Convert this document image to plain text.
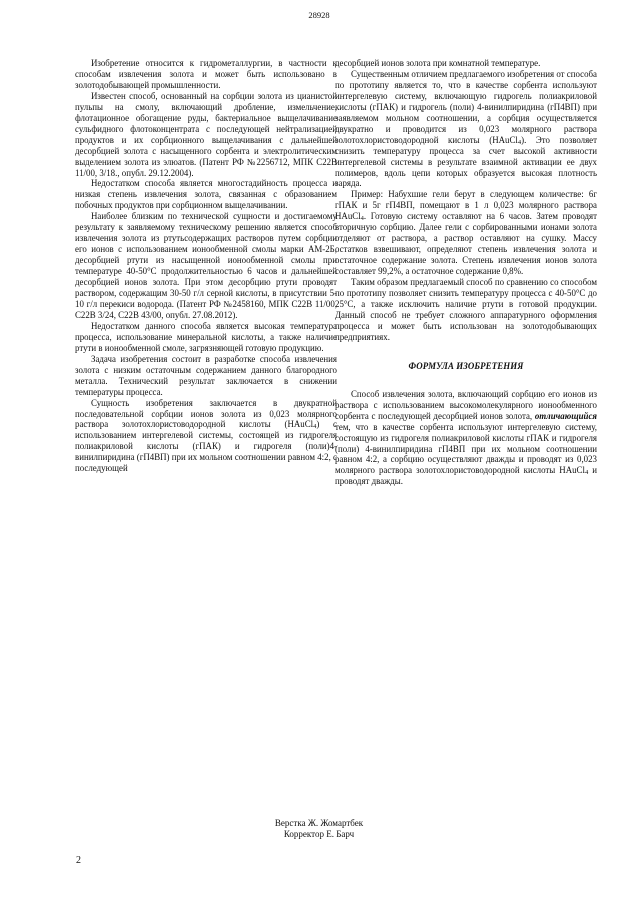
28928

Изобретение относится к гидрометаллургии, в частности к способам извлечения золота и может быть использовано в золотодобывающей промышленности.

Известен способ, основанный на сорбции золота из цианистой пульпы на смолу, включающий дробление, измельчение, флотационное обогащение руды, бактериальное выщелачивание сульфидного флотоконцентрата с последующей нейтрализацией продуктов и их сорбционного выщелачивания с дальнейшей десорбцией золота с насыщенного сорбента и электролитическим выделением золота из элюатов. (Патент РФ №2256712, МПК С22В 11/00, 3/18., опубл. 29.12.2004).

Недостатком способа является многостадийность процесса и низкая степень извлечения золота, связанная с образованием побочных продуктов при сорбционном выщелачивании.

Наиболее близким по технической сущности и достигаемому результату к заявляемому техническому решению является способ извлечения золота из ртутьсодержащих растворов путем сорбции его ионов с использованием ионообменной смолы марки АМ-2Б, десорбцией ртути из насыщенной ионообменной смолы при температуре 40-50°С продолжительностью 6 часов и дальнейшей десорбцией ионов золота. При этом десорбцию ртути проводят раствором, содержащим 30-50 г/л серной кислоты, в присутствии 5-10 г/л перекиси водорода. (Патент РФ №2458160, МПК С22В 11/00, С22В 3/24, С22В 43/00, опубл. 27.08.2012).

Недостатком данного способа является высокая температура процесса, использование минеральной кислоты, а также наличие ртути в ионообменной смоле, загрязняющей готовую продукцию.

Задача изобретения состоит в разработке способа извлечения золота с низким остаточным содержанием данного благородного металла. Технический результат заключается в снижении температуры процесса.

Сущность изобретения заключается в двукратной последовательной сорбции ионов золота из 0,023 молярного раствора золотохлористоводородной кислоты (HAuCl$_4$) с использованием интергелевой системы, состоящей из гидрогеля полиакриловой кислоты (гПАК) и гидрогеля (поли)4-винилпиридина (гП4ВП) при их мольном соотношении равном 4:2, с последующей

десорбцией ионов золота при комнатной температуре.

Существенным отличием предлагаемого изобретения от способа по прототипу является то, что в качестве сорбента используют интергелевую систему, включающую гидрогель полиакриловой кислоты (гПАК) и гидрогель (поли) 4-винилпиридина (гП4ВП) при заявляемом мольном соотношении, а сорбция осуществляется двукратно и проводится из 0,023 молярного раствора золотохлористоводородной кислоты (HAuCl$_4$). Это позволяет снизить температуру процесса за счет высокой активности интергелевой системы в результате взаимной активации ее двух полимеров, вдоль цепи которых образуется высокая плотность заряда.

Пример: Набухшие гели берут в следующем количестве: 6г гПАК и 5г гП4ВП, помещают в 1 л 0,023 молярного раствора HAuCl$_4$. Готовую систему оставляют на 6 часов. Затем проводят вторичную сорбцию. Далее гели с сорбированными ионами золота отделяют от раствора, а раствор оставляют на сушку. Массу остатков взвешивают, определяют степень извлечения золота и остаточное содержание золота. Степень извлечения ионов золота составляет 99,2%, а остаточное содержание 0,8%.

Таким образом предлагаемый способ по сравнению со способом по прототипу позволяет снизить температуру процесса с 40-50°С до 25°С, а также исключить наличие ртути в готовой продукции. Данный способ не требует сложного аппаратурного оформления процесса и может быть использован на золотодобывающих предприятиях.

ФОРМУЛА ИЗОБРЕТЕНИЯ

Способ извлечения золота, включающий сорбцию его ионов из раствора с использованием высокомолекулярного ионообменного сорбента с последующей десорбцией ионов золота, отличающийся тем, что в качестве сорбента используют интергелевую систему, состоящую из гидрогеля полиакриловой кислоты гПАК и гидрогеля (поли) 4-винилпиридина гП4ВП при их мольном соотношении равном 4:2, а сорбцию осуществляют дважды и проводят из 0,023 молярного раствора золотохлористоводородной кислоты HAuCl$_4$ и проводят дважды.

Верстка Ж. Жомартбек
Корректор Е. Барч
2
